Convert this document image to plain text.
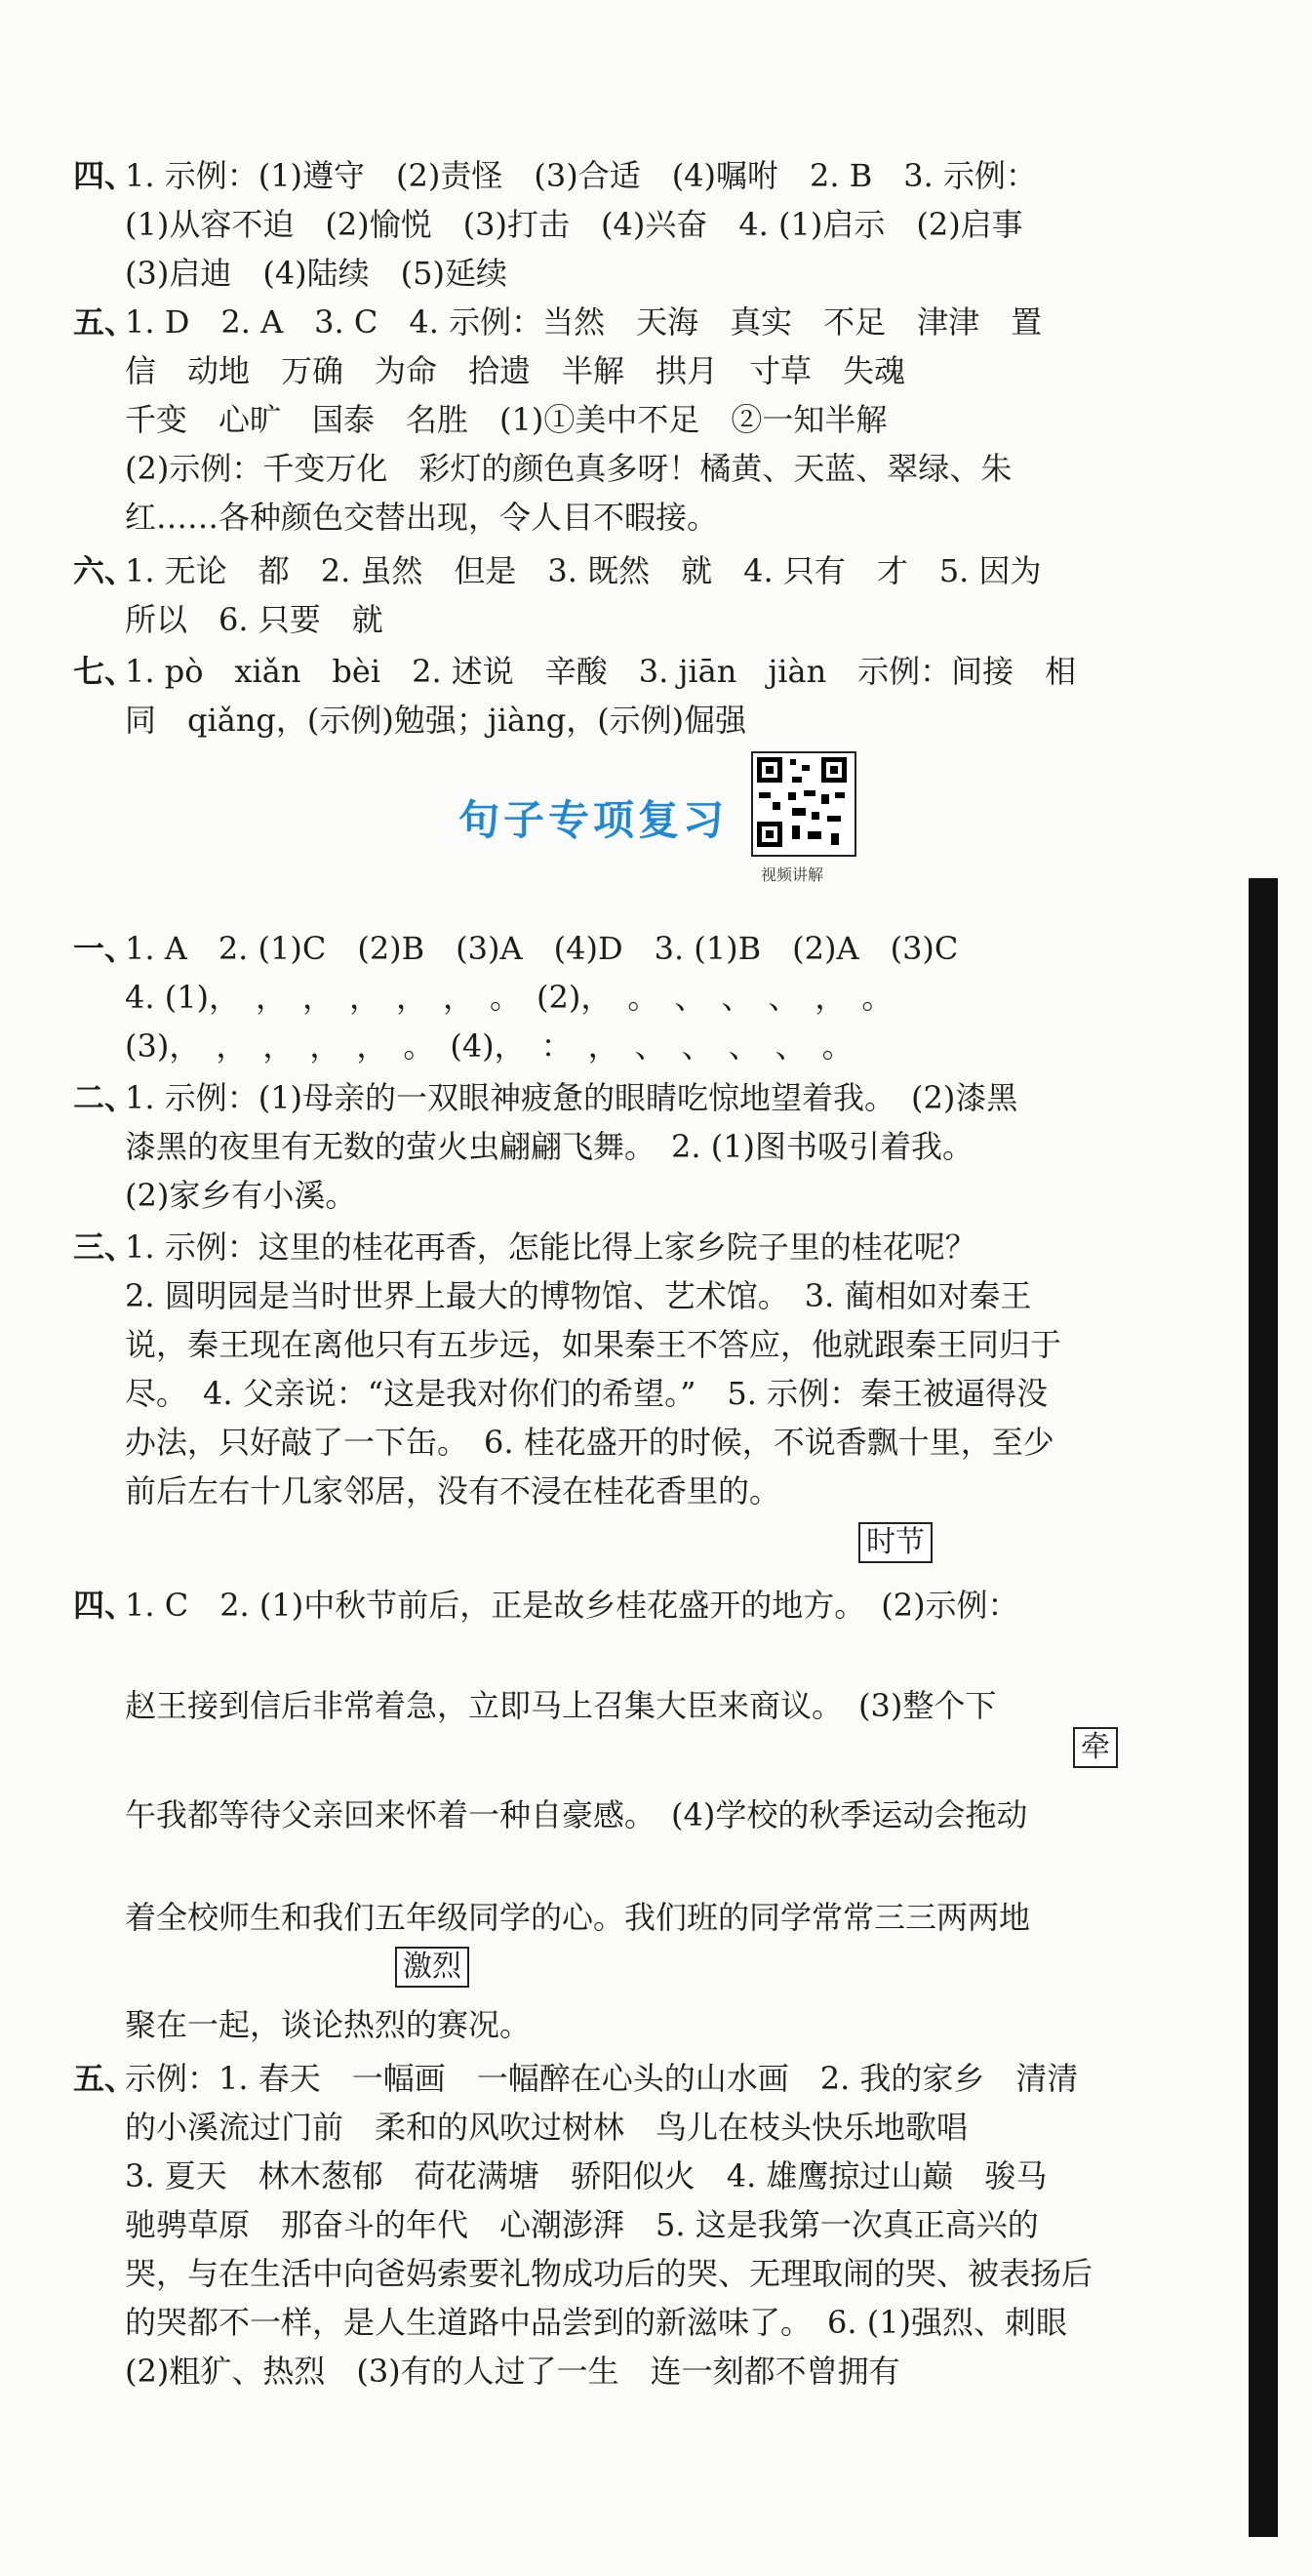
四、
1. 示例：(1)遵守　(2)责怪　(3)合适　(4)嘱咐　2. B　3. 示例：
(1)从容不迫　(2)愉悦　(3)打击　(4)兴奋　4. (1)启示　(2)启事
(3)启迪　(4)陆续　(5)延续
五、
1. D　2. A　3. C　4. 示例：当然　天海　真实　不足　津津　置
信　动地　万确　为命　拾遗　半解　拱月　寸草　失魂
千变　心旷　国泰　名胜　(1)①美中不足　②一知半解
(2)示例：千变万化　彩灯的颜色真多呀！橘黄、天蓝、翠绿、朱
红……各种颜色交替出现，令人目不暇接。
六、
1. 无论　都　2. 虽然　但是　3. 既然　就　4. 只有　才　5. 因为
所以　6. 只要　就
七、
1. pò　xiǎn　bèi　2. 述说　辛酸　3. jiān　jiàn　示例：间接　相
同　qiǎng，(示例)勉强；jiàng，(示例)倔强
句子专项复习
视频讲解
一、
1. A　2. (1)C　(2)B　(3)A　(4)D　3. (1)B　(2)A　(3)C
4. (1)，　，　，　，　，　，　。　(2)，　。　、　、　、　，　。
(3)，　，　，　，　，　。　(4)，　：　，　、　、　、　、　。
二、
1. 示例：(1)母亲的一双眼神疲惫的眼睛吃惊地望着我。　(2)漆黑
漆黑的夜里有无数的萤火虫翩翩飞舞。　2. (1)图书吸引着我。
(2)家乡有小溪。
三、
1. 示例：这里的桂花再香，怎能比得上家乡院子里的桂花呢？
2. 圆明园是当时世界上最大的博物馆、艺术馆。　3. 蔺相如对秦王
说，秦王现在离他只有五步远，如果秦王不答应，他就跟秦王同归于
尽。　4. 父亲说：“这是我对你们的希望。”　5. 示例：秦王被逼得没
办法，只好敲了一下缶。　6. 桂花盛开的时候，不说香飘十里，至少
前后左右十几家邻居，没有不浸在桂花香里的。
时节
四、
1. C　2. (1)中秋节前后，正是故乡桂花盛开的地方。　(2)示例：
赵王接到信后非常着急，立即马上召集大臣来商议。　(3)整个下
牵
午我都等待父亲回来怀着一种自豪感。　(4)学校的秋季运动会拖动
着全校师生和我们五年级同学的心。我们班的同学常常三三两两地
激烈
聚在一起，谈论热烈的赛况。
五、
示例：1. 春天　一幅画　一幅醉在心头的山水画　2. 我的家乡　清清
的小溪流过门前　柔和的风吹过树林　鸟儿在枝头快乐地歌唱
3. 夏天　林木葱郁　荷花满塘　骄阳似火　4. 雄鹰掠过山巅　骏马
驰骋草原　那奋斗的年代　心潮澎湃　5. 这是我第一次真正高兴的
哭，与在生活中向爸妈索要礼物成功后的哭、无理取闹的哭、被表扬后
的哭都不一样，是人生道路中品尝到的新滋味了。　6. (1)强烈、刺眼
(2)粗犷、热烈　(3)有的人过了一生　连一刻都不曾拥有
